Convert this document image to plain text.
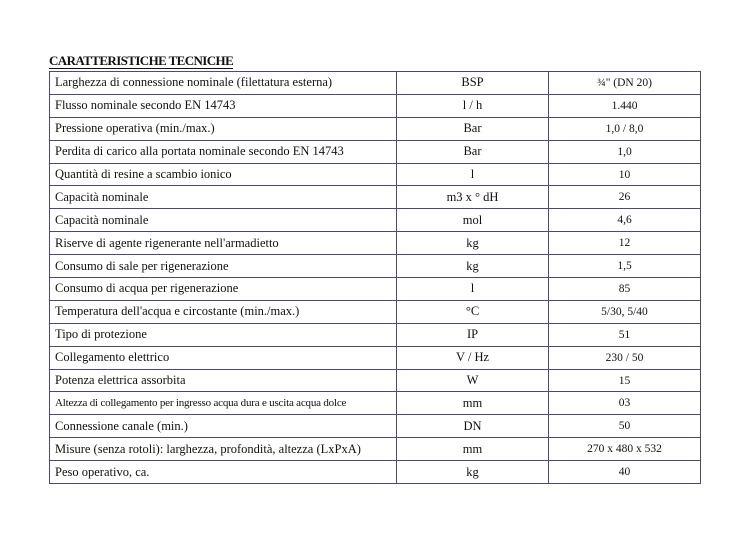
CARATTERISTICHE TECNICHE
Larghezza di connessione nominale (filettatura esterna)	BSP	¾" (DN 20)
Flusso nominale secondo EN 14743	l / h	1.440
Pressione operativa (min./max.)	Bar	1,0 / 8,0
Perdita di carico alla portata nominale secondo EN 14743	Bar	1,0
Quantità di resine a scambio ionico	l	10
Capacità nominale	m3 x ° dH	26
Capacità nominale	mol	4,6
Riserve di agente rigenerante nell'armadietto	kg	12
Consumo di sale per rigenerazione	kg	1,5
Consumo di acqua per rigenerazione	l	85
Temperatura dell'acqua e circostante (min./max.)	°C	5/30, 5/40
Tipo di protezione	IP	51
Collegamento elettrico	V / Hz	230 / 50
Potenza elettrica assorbita	W	15
Altezza di collegamento per ingresso acqua dura e uscita acqua dolce	mm	03
Connessione canale (min.)	DN	50
Misure (senza rotoli): larghezza, profondità, altezza (LxPxA)	mm	270 x 480 x 532
Peso operativo, ca.	kg	40
